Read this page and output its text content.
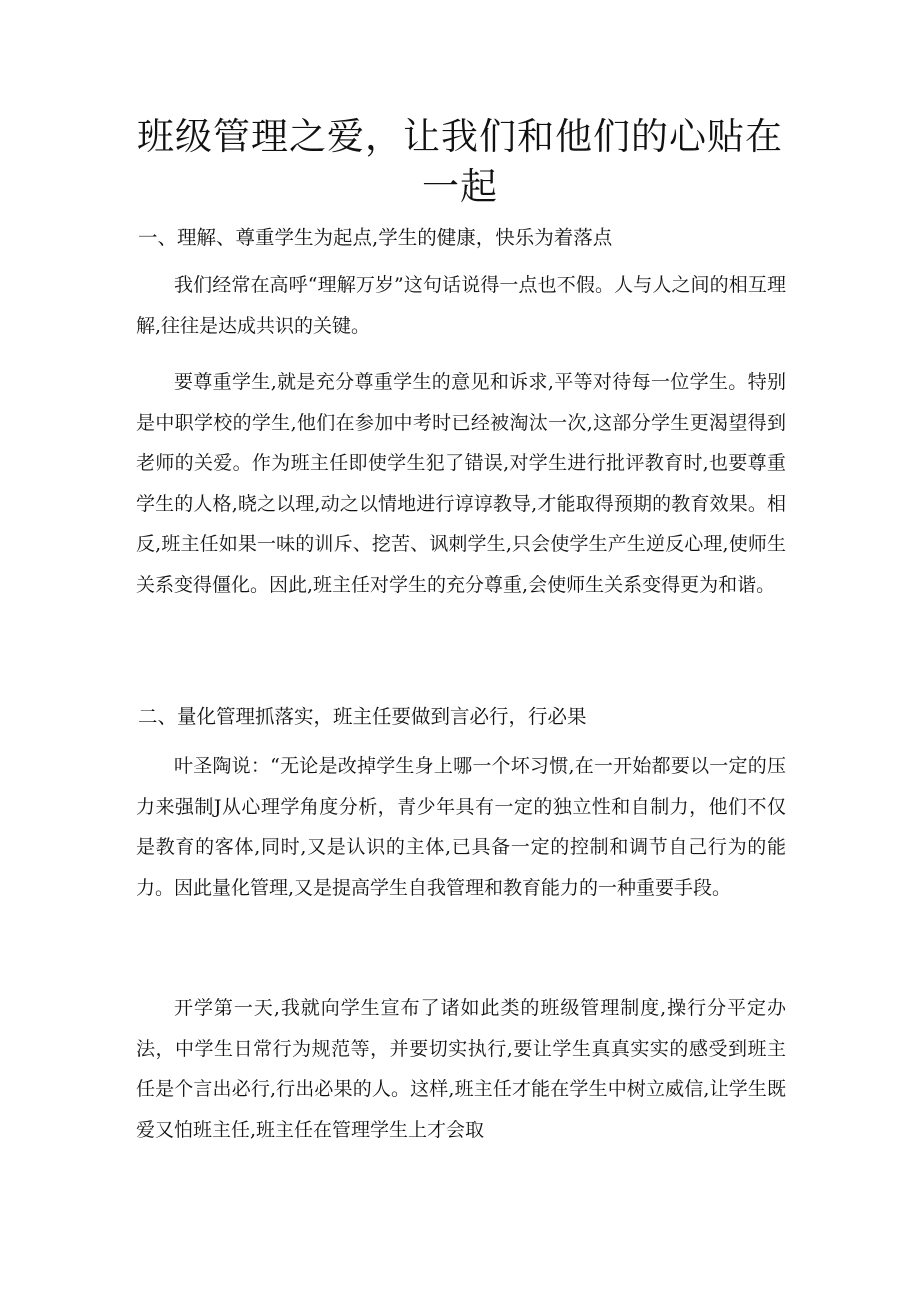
班级管理之爱，让我们和他们的心贴在一起
一、理解、尊重学生为起点,学生的健康，快乐为着落点
我们经常在高呼“理解万岁”这句话说得一点也不假。人与人之间的相互理解,往往是达成共识的关键。
要尊重学生,就是充分尊重学生的意见和诉求,平等对待每一位学生。特别是中职学校的学生,他们在参加中考时已经被淘汰一次,这部分学生更渴望得到老师的关爱。作为班主任即使学生犯了错误,对学生进行批评教育时,也要尊重学生的人格,晓之以理,动之以情地进行谆谆教导,才能取得预期的教育效果。相反,班主任如果一味的训斥、挖苦、讽刺学生,只会使学生产生逆反心理,使师生关系变得僵化。因此,班主任对学生的充分尊重,会使师生关系变得更为和谐。
二、量化管理抓落实，班主任要做到言必行，行必果
叶圣陶说：“无论是改掉学生身上哪一个坏习惯,在一开始都要以一定的压力来强制J从心理学角度分析，青少年具有一定的独立性和自制力，他们不仅是教育的客体,同时,又是认识的主体,已具备一定的控制和调节自己行为的能力。因此量化管理,又是提高学生自我管理和教育能力的一种重要手段。
开学第一天,我就向学生宣布了诸如此类的班级管理制度,操行分平定办法，中学生日常行为规范等，并要切实执行,要让学生真真实实的感受到班主任是个言出必行,行出必果的人。这样,班主任才能在学生中树立威信,让学生既爱又怕班主任,班主任在管理学生上才会取
